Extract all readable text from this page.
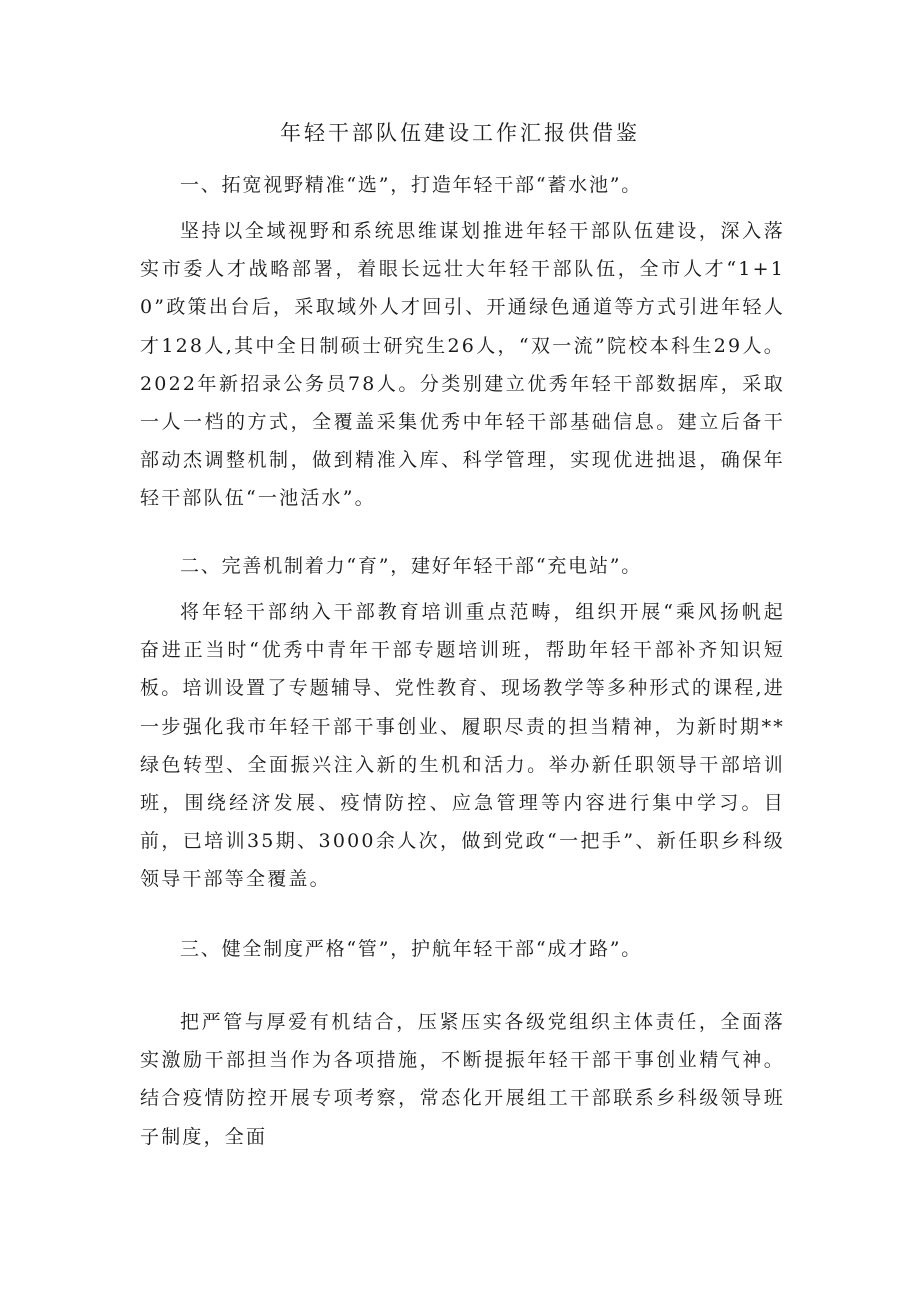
年轻干部队伍建设工作汇报供借鉴

一、拓宽视野精准“选”，打造年轻干部“蓄水池”。

坚持以全域视野和系统思维谋划推进年轻干部队伍建设，深入落实市委人才战略部署，着眼长远壮大年轻干部队伍，全市人才“1+10”政策出台后，采取域外人才回引、开通绿色通道等方式引进年轻人才128人,其中全日制硕士研究生26人，“双一流”院校本科生29人。2022年新招录公务员78人。分类别建立优秀年轻干部数据库，采取一人一档的方式，全覆盖采集优秀中年轻干部基础信息。建立后备干部动杰调整机制，做到精准入库、科学管理，实现优进拙退，确保年轻干部队伍“一池活水”。

二、完善机制着力“育”，建好年轻干部“充电站”。

将年轻干部纳入干部教育培训重点范畴，组织开展“乘风扬帆起奋进正当时“优秀中青年干部专题培训班，帮助年轻干部补齐知识短板。培训设置了专题辅导、党性教育、现场教学等多种形式的课程,进一步强化我市年轻干部干事创业、履职尽责的担当精神，为新时期**绿色转型、全面振兴注入新的生机和活力。举办新任职领导干部培训班，围绕经济发展、疫情防控、应急管理等内容进行集中学习。目前，已培训35期、3000余人次，做到党政“一把手”、新任职乡科级领导干部等全覆盖。

三、健全制度严格“管”，护航年轻干部“成才路”。

把严管与厚爱有机结合，压紧压实各级党组织主体责任，全面落实激励干部担当作为各项措施，不断提振年轻干部干事创业精气神。结合疫情防控开展专项考察，常态化开展组工干部联系乡科级领导班子制度，全面
